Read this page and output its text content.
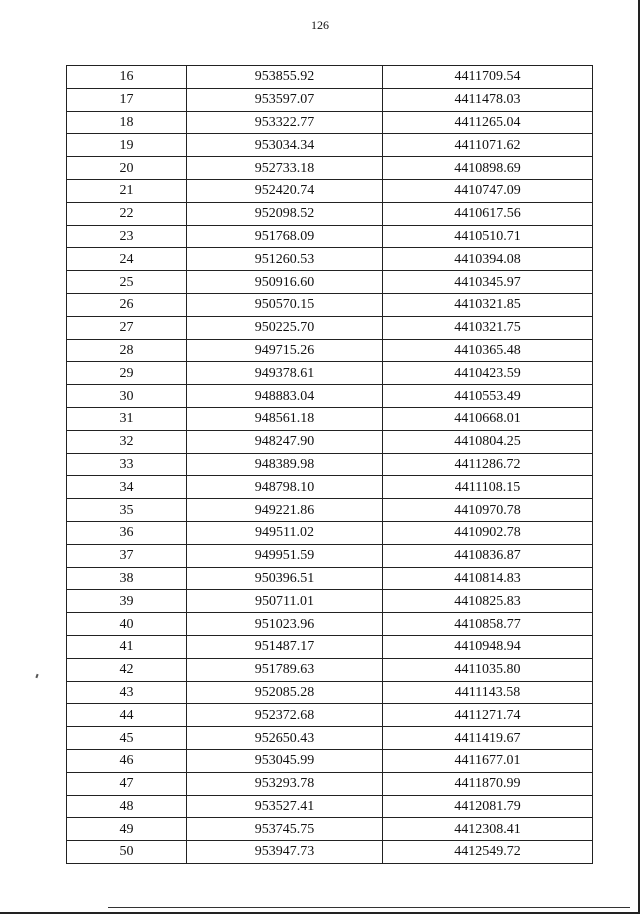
126
16	953855.92	4411709.54
17	953597.07	4411478.03
18	953322.77	4411265.04
19	953034.34	4411071.62
20	952733.18	4410898.69
21	952420.74	4410747.09
22	952098.52	4410617.56
23	951768.09	4410510.71
24	951260.53	4410394.08
25	950916.60	4410345.97
26	950570.15	4410321.85
27	950225.70	4410321.75
28	949715.26	4410365.48
29	949378.61	4410423.59
30	948883.04	4410553.49
31	948561.18	4410668.01
32	948247.90	4410804.25
33	948389.98	4411286.72
34	948798.10	4411108.15
35	949221.86	4410970.78
36	949511.02	4410902.78
37	949951.59	4410836.87
38	950396.51	4410814.83
39	950711.01	4410825.83
40	951023.96	4410858.77
41	951487.17	4410948.94
42	951789.63	4411035.80
43	952085.28	4411143.58
44	952372.68	4411271.74
45	952650.43	4411419.67
46	953045.99	4411677.01
47	953293.78	4411870.99
48	953527.41	4412081.79
49	953745.75	4412308.41
50	953947.73	4412549.72
